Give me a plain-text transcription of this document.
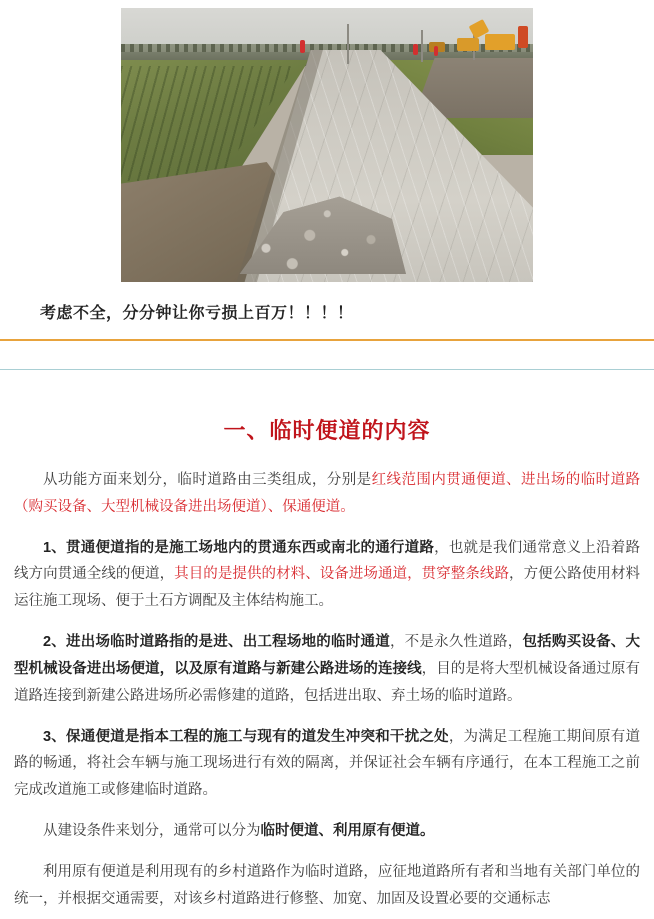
考虑不全，分分钟让你亏损上百万！！！！
一、临时便道的内容

从功能方面来划分，临时道路由三类组成，分别是红线范围内贯通便道、进出场的临时道路（购买设备、大型机械设备进出场便道）、保通便道。

1、贯通便道指的是施工场地内的贯通东西或南北的通行道路，也就是我们通常意义上沿着路线方向贯通全线的便道，其目的是提供的材料、设备进场通道，贯穿整条线路，方便公路使用材料运往施工现场、便于土石方调配及主体结构施工。

2、进出场临时道路指的是进、出工程场地的临时通道，不是永久性道路，包括购买设备、大型机械设备进出场便道，以及原有道路与新建公路进场的连接线，目的是将大型机械设备通过原有道路连接到新建公路进场所必需修建的道路，包括进出取、弃土场的临时道路。

3、保通便道是指本工程的施工与现有的道发生冲突和干扰之处，为满足工程施工期间原有道路的畅通，将社会车辆与施工现场进行有效的隔离，并保证社会车辆有序通行，在本工程施工之前完成改道施工或修建临时道路。

从建设条件来划分，通常可以分为临时便道、利用原有便道。

利用原有便道是利用现有的乡村道路作为临时道路，应征地道路所有者和当地有关部门单位的统一，并根据交通需要，对该乡村道路进行修整、加宽、加固及设置必要的交通标志
